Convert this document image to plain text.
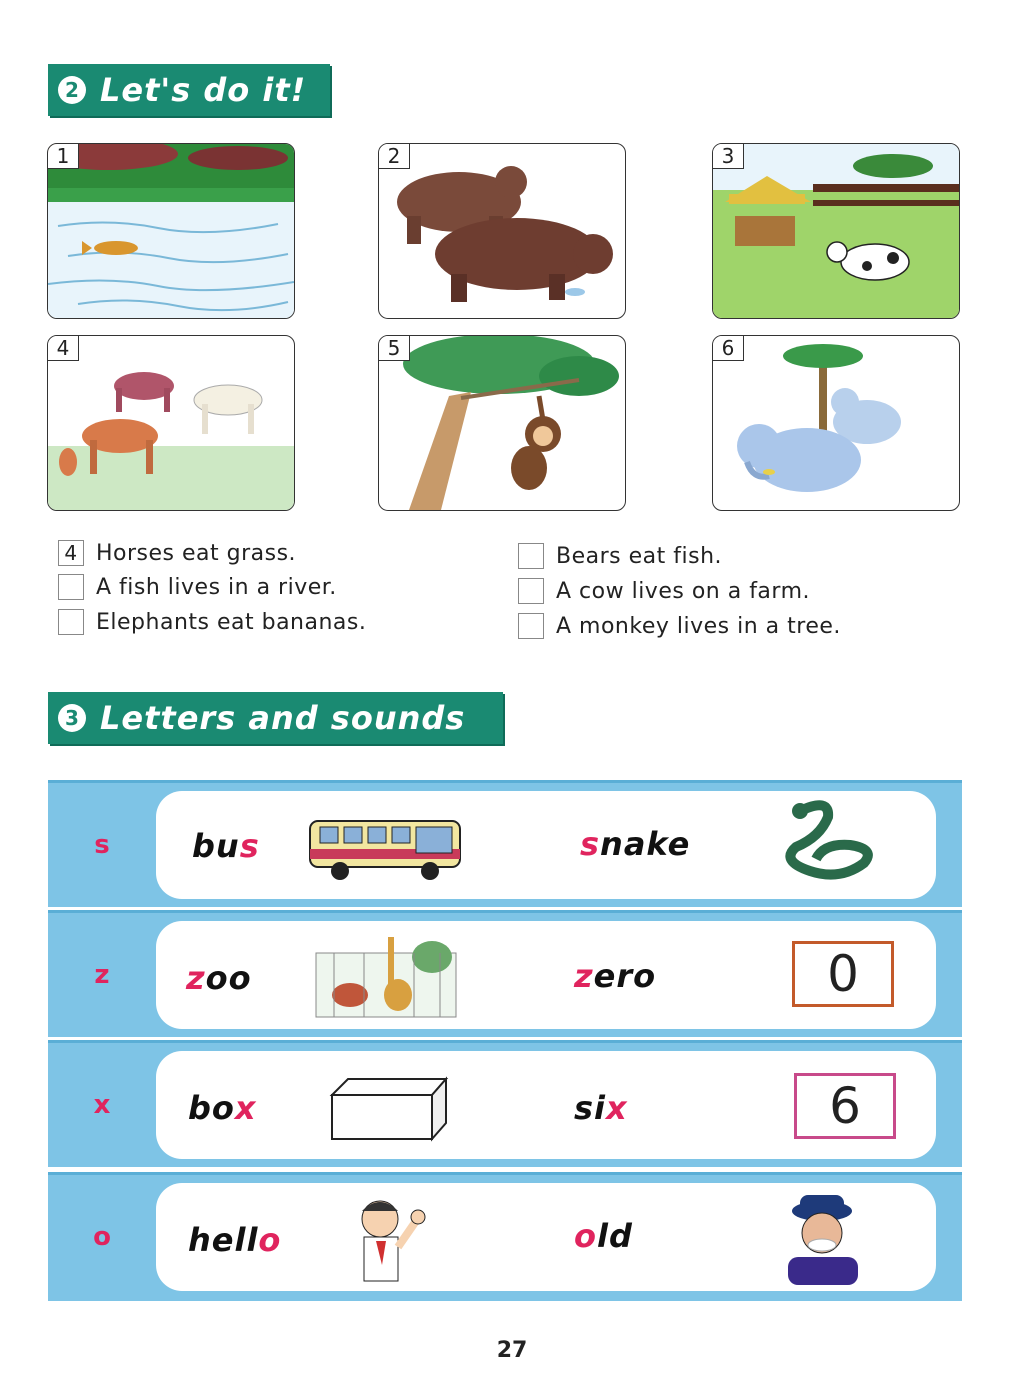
2 Let's do it!
1	2	3
4	5	6
4 Horses eat grass.
A fish lives in a river.
Elephants eat bananas.
Bears eat fish.
A cow lives on a farm.
A monkey lives in a tree.
3 Letters and sounds
s	bus	snake
z	zoo	zero	0
x	box	six	6
o	hello	old
27
